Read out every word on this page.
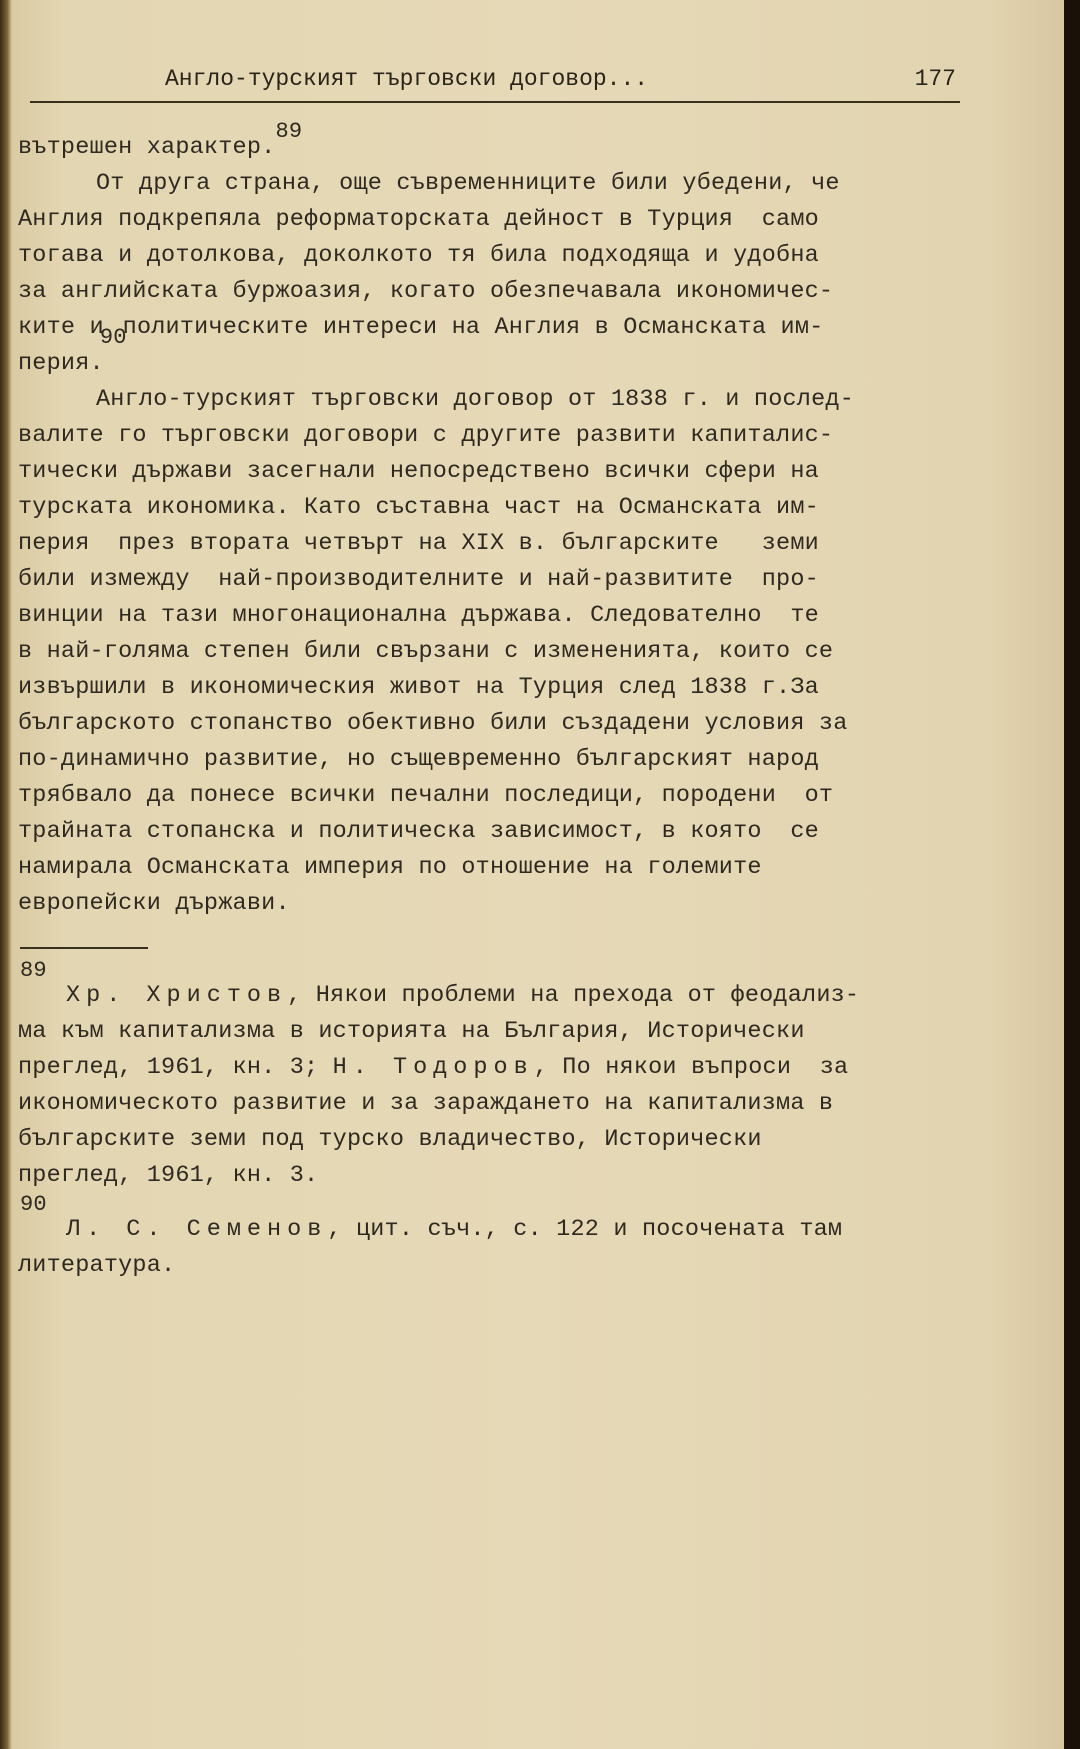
Англо-турският търговски договор...	177
вътрешен характер.89
От друга страна, още съвременниците били убедени, че
Англия подкрепяла реформаторската дейност в Турция  само
тогава и дотолкова, доколкото тя била подходяща и удобна
за английската буржоазия, когато обезпечавала икономичес-
ките и90политическите интереси на Англия в Османската им-
перия.
Англо-турският търговски договор от 1838 г. и послед-
валите го търговски договори с другите развити капиталис-
тически държави засегнали непосредствено всички сфери на
турската икономика. Като съставна част на Османската им-
перия  през втората четвърт на XIX в. българските   земи
били измежду  най-производителните и най-развитите  про-
винции на тази многонационална държава. Следователно  те
в най-голяма степен били свързани с измененията, които се
извършили в икономическия живот на Турция след 1838 г.За
българското стопанство обективно били създадени условия за
по-динамично развитие, но същевременно българският народ
трябвало да понесе всички печални последици, породени  от
трайната стопанска и политическа зависимост, в която  се
намирала Османската империя по отношение на големите
европейски държави.
89
Хр. Христов, Някои проблеми на прехода от феодализ-
ма към капитализма в историята на България, Исторически
преглед, 1961, кн. 3; Н. Тодоров, По някои въпроси  за
икономическото развитие и за зараждането на капитализма в
българските земи под турско владичество, Исторически
преглед, 1961, кн. 3.
90
Л. С. Семенов, цит. съч., с. 122 и посочената там
литература.
